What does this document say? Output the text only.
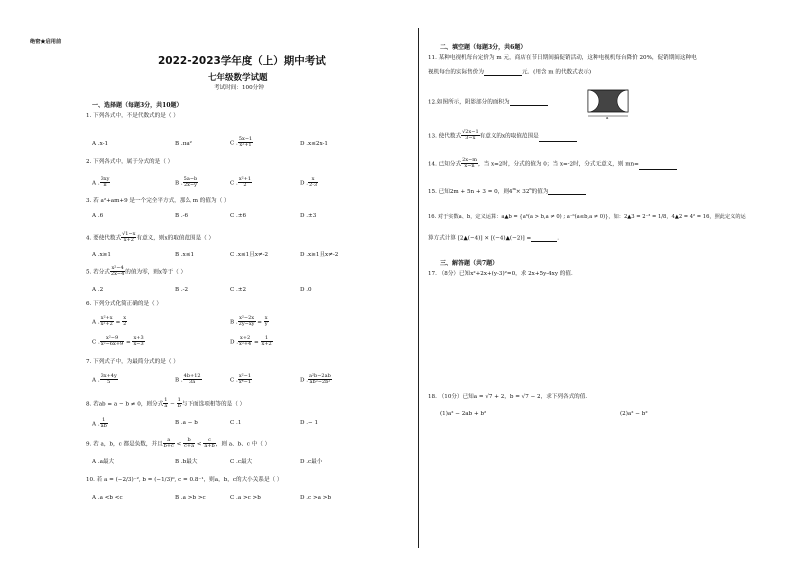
绝密★启用前
2022-2023学年度（上）期中考试
七年级数学试题
考试时间：100分钟
一、选择题（每题3分，共10题）
1. 下列各式中，不是代数式的是（ ）
A .x-1	B .πa²	C . $\frac{5x-1}{\text{x²+1}}$	D .x≤2x-1
2. 下列各式中，属于分式的是（ ）
A . $\frac{3xy}{\pi}$	B . $\frac{5a-b}{2x-y}$	C . $\frac{\text{x²+1}}{2}$	D . $\frac{x}{2\cdot 3}$
3. 若 a²+am+9 是一个完全平方式，那么 m 的值为（ ）
A .6	B .-6	C .±6	D .±3
4. 要使代数式 $\frac{√1-x}{x+2}$ 有意义，则x的取值范围是（ ）
A .x≥1	B .x≤1	C .x≤1且x≠-2	D .x≥1且x≠-2
5. 若分式 $\frac{\text{x²−4}}{2x-4}$ 的值为零，则x等于（ ）
A .2	B .-2	C .±2	D .0
6. 下列分式化简正确的是（ ）
A . $\frac{\text{x²+x}}{\text{x²+2}} = \frac{x}{2}$	B . $\frac{\text{x²−2x}}{2y-xy} = \frac{x}{y}$
C . $\frac{\text{x²−9}}{\text{x²−6x+9}} = \frac{x+3}{x-3}$	D . $\frac{x+2}{\text{x²+4}} = \frac{1}{x+2}$
7. 下列式子中，为最简分式的是（ ）
A . $\frac{3x+4y}{5}$	B . $\frac{4b+12}{3a}$	C . $\frac{\text{x²−1}}{\text{x⁴−1}}$	D . $\frac{\text{a²b−2ab}}{\text{ab²−2b²}}$
8. 若ab = a − b ≠ 0，则分式 $\frac{1}{a} - \frac{1}{b}$ 与下面选项相等的是（ ）
A . $\frac{1}{ab}$	B .a − b	C .1	D .− 1
9. 若 a，b，c 都是负数，并且 $\frac{a}{b+c} < \frac{b}{c+a} < \frac{c}{a+b}$ ，则 a、b、c 中（ ）
A .a最大	B .b最大	C .c最大	D .c最小
10. 若 a = (−2/3)⁻², b = (−1/3)⁰, c = 0.8⁻¹，则a，b，c的大小关系是（ ）
A .a <b <c	B .a >b >c	C .a >c >b	D .c >a >b
二、填空题（每题3分，共6题）
11. 某种电视机每台定价为 m 元，商店在节日期间搞促销活动，这种电视机每台降价 20%，促销期间这种电
视机每台的实际售价为	元．(用含 m 的代数式表示)
12.如图所示，阴影部分的面积为
a
13. 使代数式 $\frac{√2x-1}{3-x}$ 有意义的x的取值范围是
14. 已知分式 $\frac{2x-m}{x-n}$ ，当 x=2时，分式的值为 0；当 x=-2时，分式无意义，则 mn=
15. 已知2m + 5n + 3 = 0，则$4^m\times 32^n$的值为
16. 对于实数a、b，定义运算：a▲b = {aᵇ(a > b,a ≠ 0) ; a⁻ᵇ(a≤b,a ≠ 0)}，如：2▲3 = 2⁻³ = 1/8，4▲2 = 4² = 16，照此定义的运
算方式计算 [2▲(−4)] × [(−4)▲(−2)] =	．
三、解答题（共7题）
17. （8分）已知x²+2x+(y-3)²=0，求 2x+5y-4xy 的值．
18. （10分）已知a = √7 + 2，b = √7 − 2，求下列各式的值．
(1)a² − 2ab + b²	(2)a² − b²
